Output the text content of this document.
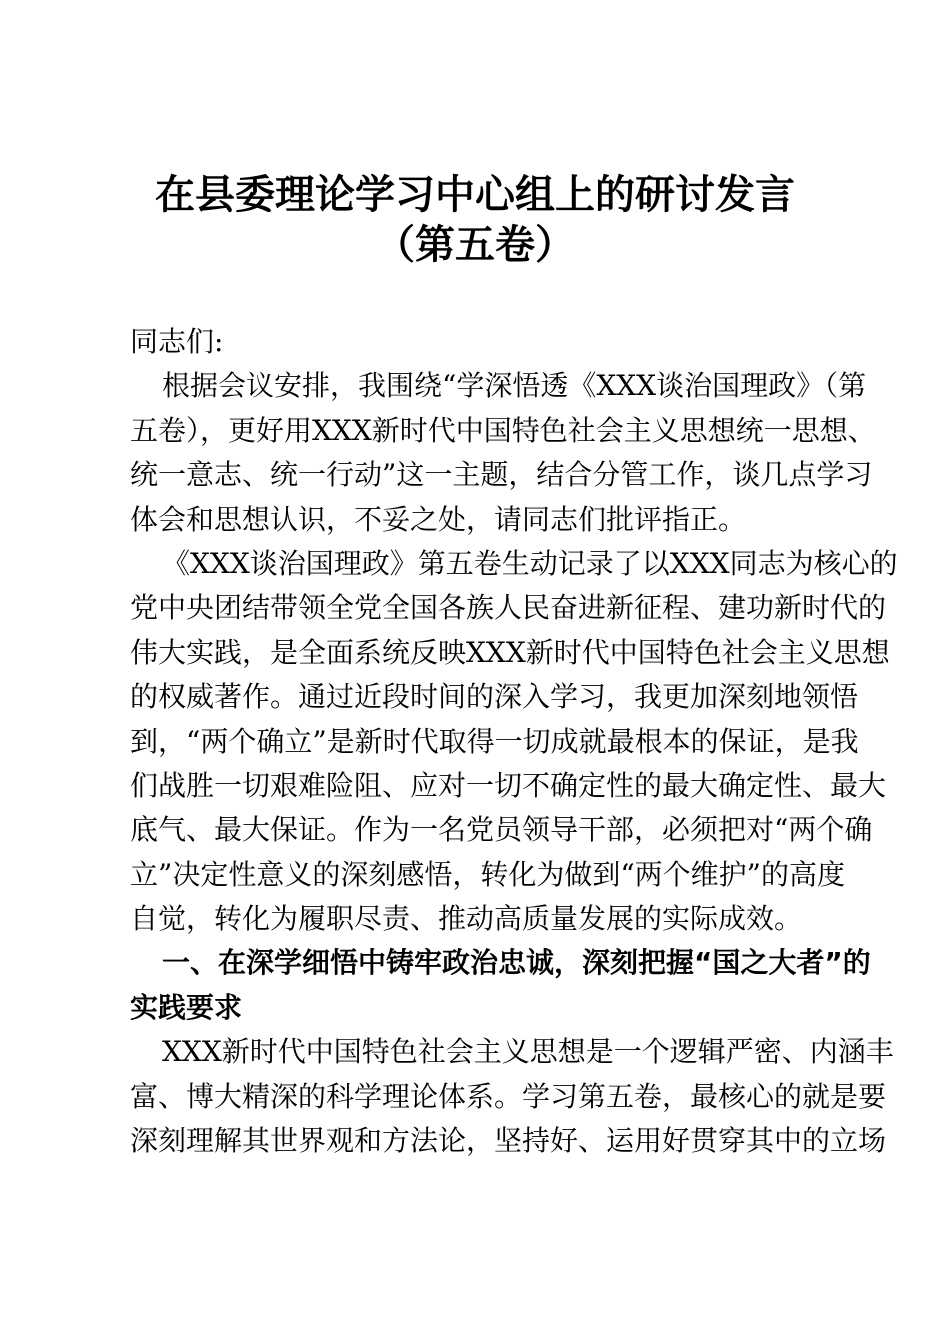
在县委理论学习中心组上的研讨发言
（第五卷）
同志们:
根据会议安排，我围绕“学深悟透《XXX谈治国理政》（第
五卷），更好用XXX新时代中国特色社会主义思想统一思想、
统一意志、统一行动”这一主题，结合分管工作，谈几点学习
体会和思想认识，不妥之处，请同志们批评指正。
《XXX谈治国理政》第五卷生动记录了以XXX同志为核心的
党中央团结带领全党全国各族人民奋进新征程、建功新时代的
伟大实践，是全面系统反映XXX新时代中国特色社会主义思想
的权威著作。通过近段时间的深入学习，我更加深刻地领悟
到，“两个确立”是新时代取得一切成就最根本的保证，是我
们战胜一切艰难险阻、应对一切不确定性的最大确定性、最大
底气、最大保证。作为一名党员领导干部，必须把对“两个确
立”决定性意义的深刻感悟，转化为做到“两个维护”的高度
自觉，转化为履职尽责、推动高质量发展的实际成效。
一、在深学细悟中铸牢政治忠诚，深刻把握“国之大者”的
实践要求
XXX新时代中国特色社会主义思想是一个逻辑严密、内涵丰
富、博大精深的科学理论体系。学习第五卷，最核心的就是要
深刻理解其世界观和方法论，坚持好、运用好贯穿其中的立场
